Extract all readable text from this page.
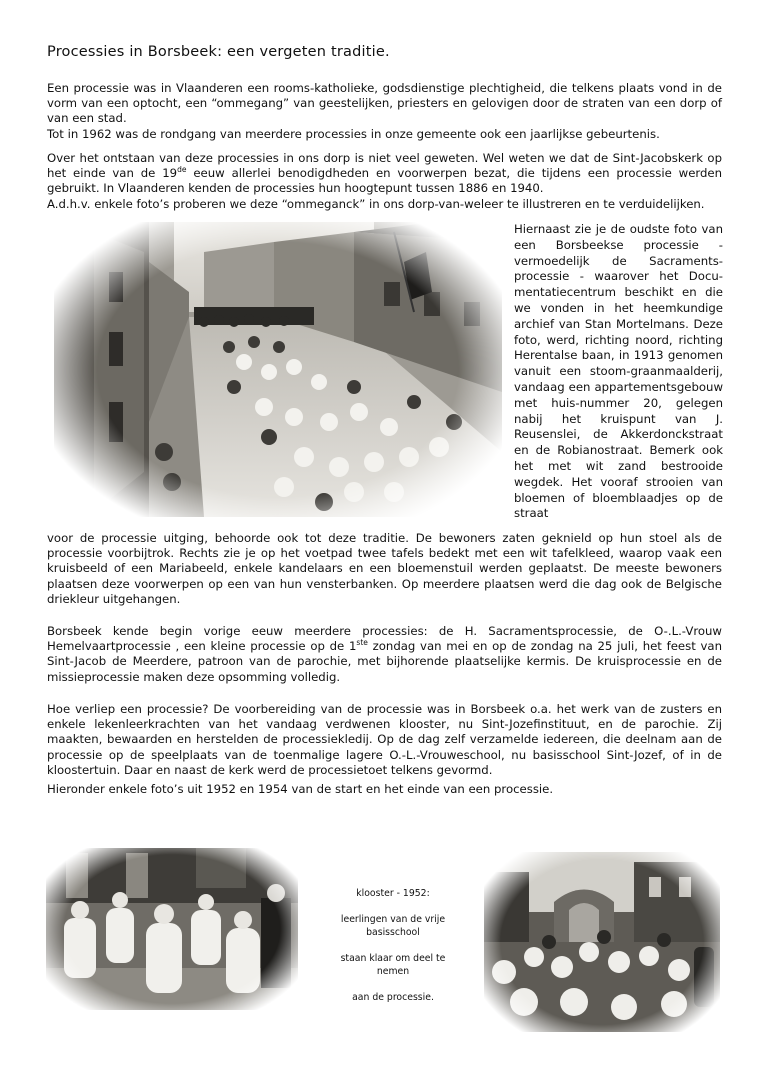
Processies in Borsbeek: een vergeten traditie.

Een processie was in Vlaanderen een rooms-katholieke, godsdienstige plechtigheid, die telkens plaats vond in de vorm van een optocht, een “ommegang” van geestelijken, priesters en gelovigen door de straten van een dorp of van een stad.

Tot in 1962 was de rondgang van meerdere processies in onze gemeente ook een jaarlijkse gebeurtenis.

Over het ontstaan van deze processies in ons dorp is niet veel geweten. Wel weten we dat de Sint-Jacobskerk op het einde van de 19de eeuw allerlei benodigdheden en voorwerpen bezat, die tijdens een processie werden gebruikt. In Vlaanderen kenden de processies hun hoogtepunt tussen 1886 en 1940.

A.d.h.v. enkele foto’s proberen we deze “ommeganck” in ons dorp-van-weleer te illustreren en te verduidelijken.

Hiernaast zie je de oudste foto van een Borsbeekse processie - vermoedelijk de Sacraments-processie - waarover het Docu-mentatiecentrum beschikt en die we vonden in het heemkundige archief van Stan Mortelmans. Deze foto, werd, richting noord, richting Herentalse baan, in 1913 genomen vanuit een stoom-graanmaalderij, vandaag een appartementsgebouw met huis-nummer 20, gelegen nabij het kruispunt van J. Reusenslei, de Akkerdonckstraat en de Robianostraat. Bemerk ook het met wit zand bestrooide wegdek. Het vooraf strooien van bloemen of bloemblaadjes op de straat
voor de processie uitging, behoorde ook tot deze traditie. De bewoners zaten geknield op hun stoel als de processie voorbijtrok. Rechts zie je op het voetpad twee tafels bedekt met een wit tafelkleed, waarop vaak een kruisbeeld of een Mariabeeld, enkele kandelaars en een bloemenstuil werden geplaatst. De meeste bewoners plaatsen deze voorwerpen op een van hun vensterbanken. Op meerdere plaatsen werd die dag ook de Belgische driekleur uitgehangen.

Borsbeek kende begin vorige eeuw meerdere processies: de H. Sacramentsprocessie, de O-.L.-Vrouw Hemelvaartprocessie , een kleine processie op de 1ste zondag van mei en op de zondag na 25 juli, het feest van Sint-Jacob de Meerdere, patroon van de parochie, met bijhorende plaatselijke kermis. De kruisprocessie en de missieprocessie maken deze opsomming volledig.

Hoe verliep een processie? De voorbereiding van de processie was in Borsbeek o.a. het werk van de zusters en enkele lekenleerkrachten van het vandaag verdwenen klooster, nu Sint-Jozefinstituut, en de parochie. Zij maakten, bewaarden en herstelden de processiekledij. Op de dag zelf verzamelde iedereen, die deelnam aan de processie op de speelplaats van de toenmalige lagere O.-L.-Vrouweschool, nu basisschool Sint-Jozef, of in de kloostertuin. Daar en naast de kerk werd de processietoet telkens gevormd.
Hieronder enkele foto’s uit 1952 en 1954 van de start en het einde van een processie.
klooster - 1952:
leerlingen van de vrije basisschool
staan klaar om deel te nemen
aan de processie.
